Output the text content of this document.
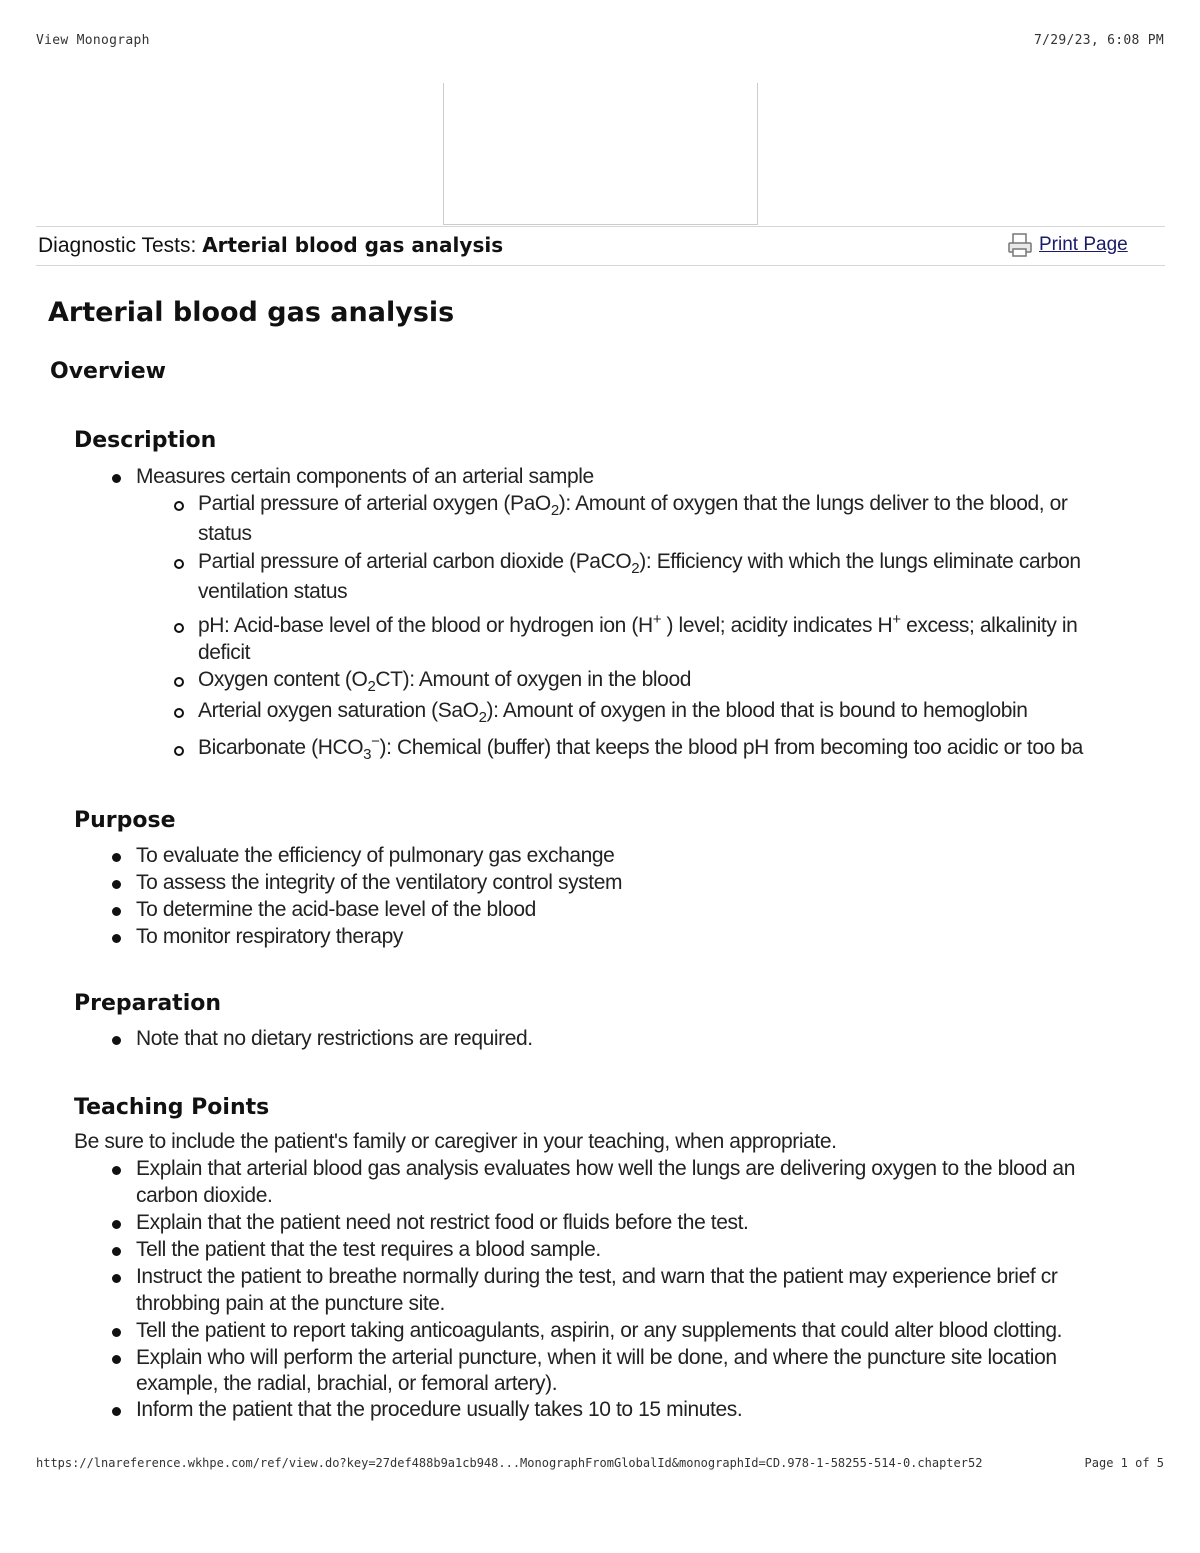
View Monograph	7/29/23, 6:08 PM
Diagnostic Tests: Arterial blood gas analysis	Print Page
Arterial blood gas analysis
Overview
Description
Measures certain components of an arterial sample
Partial pressure of arterial oxygen (PaO$_2$): Amount of oxygen that the lungs deliver to the blood, or
status
Partial pressure of arterial carbon dioxide (PaCO$_2$): Efficiency with which the lungs eliminate carbon
ventilation status
pH: Acid-base level of the blood or hydrogen ion (H+ ) level; acidity indicates H+ excess; alkalinity in
deficit
Oxygen content $(O_2CT)$: Amount of oxygen in the blood
Arterial oxygen saturation (SaO$_2$): Amount of oxygen in the blood that is bound to hemoglobin
Bicarbonate $(HCO_3^-)$: Chemical (buffer) that keeps the blood pH from becoming too acidic or too ba
Purpose
To evaluate the efficiency of pulmonary gas exchange
To assess the integrity of the ventilatory control system
To determine the acid-base level of the blood
To monitor respiratory therapy
Preparation
Note that no dietary restrictions are required.
Teaching Points
Be sure to include the patient's family or caregiver in your teaching, when appropriate.
Explain that arterial blood gas analysis evaluates how well the lungs are delivering oxygen to the blood an
carbon dioxide.
Explain that the patient need not restrict food or fluids before the test.
Tell the patient that the test requires a blood sample.
Instruct the patient to breathe normally during the test, and warn that the patient may experience brief cr
throbbing pain at the puncture site.
Tell the patient to report taking anticoagulants, aspirin, or any supplements that could alter blood clotting.
Explain who will perform the arterial puncture, when it will be done, and where the puncture site location
example, the radial, brachial, or femoral artery).
Inform the patient that the procedure usually takes 10 to 15 minutes.
https://lnareference.wkhpe.com/ref/view.do?key=27def488b9a1cb948...MonographFromGlobalId&monographId=CD.978-1-58255-514-0.chapter52	Page 1 of 5
